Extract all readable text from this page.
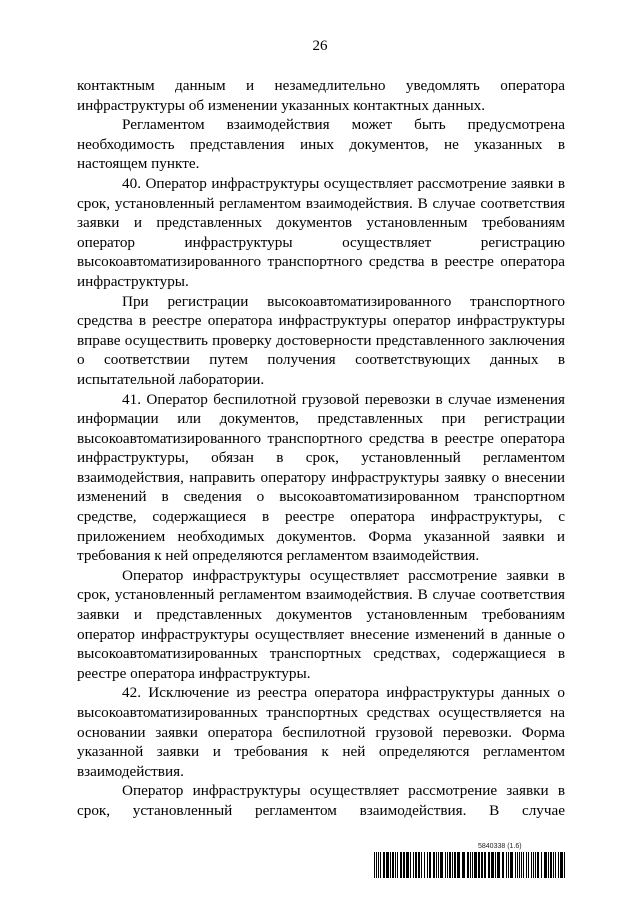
26

контактным данным и незамедлительно уведомлять оператора инфраструктуры об изменении указанных контактных данных.

Регламентом взаимодействия может быть предусмотрена необходимость представления иных документов, не указанных в настоящем пункте.

40. Оператор инфраструктуры осуществляет рассмотрение заявки в срок, установленный регламентом взаимодействия. В случае соответствия заявки и представленных документов установленным требованиям оператор инфраструктуры осуществляет регистрацию высокоавтоматизированного транспортного средства в реестре оператора инфраструктуры.

При регистрации высокоавтоматизированного транспортного средства в реестре оператора инфраструктуры оператор инфраструктуры вправе осуществить проверку достоверности представленного заключения о соответствии путем получения соответствующих данных в испытательной лаборатории.

41. Оператор беспилотной грузовой перевозки в случае изменения информации или документов, представленных при регистрации высокоавтоматизированного транспортного средства в реестре оператора инфраструктуры, обязан в срок, установленный регламентом взаимодействия, направить оператору инфраструктуры заявку о внесении изменений в сведения о высокоавтоматизированном транспортном средстве, содержащиеся в реестре оператора инфраструктуры, с приложением необходимых документов. Форма указанной заявки и требования к ней определяются регламентом взаимодействия.

Оператор инфраструктуры осуществляет рассмотрение заявки в срок, установленный регламентом взаимодействия. В случае соответствия заявки и представленных документов установленным требованиям оператор инфраструктуры осуществляет внесение изменений в данные о высокоавтоматизированных транспортных средствах, содержащиеся в реестре оператора инфраструктуры.

42. Исключение из реестра оператора инфраструктуры данных о высокоавтоматизированных транспортных средствах осуществляется на основании заявки оператора беспилотной грузовой перевозки. Форма указанной заявки и требования к ней определяются регламентом взаимодействия.

Оператор инфраструктуры осуществляет рассмотрение заявки в срок, установленный регламентом взаимодействия. В случае

5840338 (1.6)
